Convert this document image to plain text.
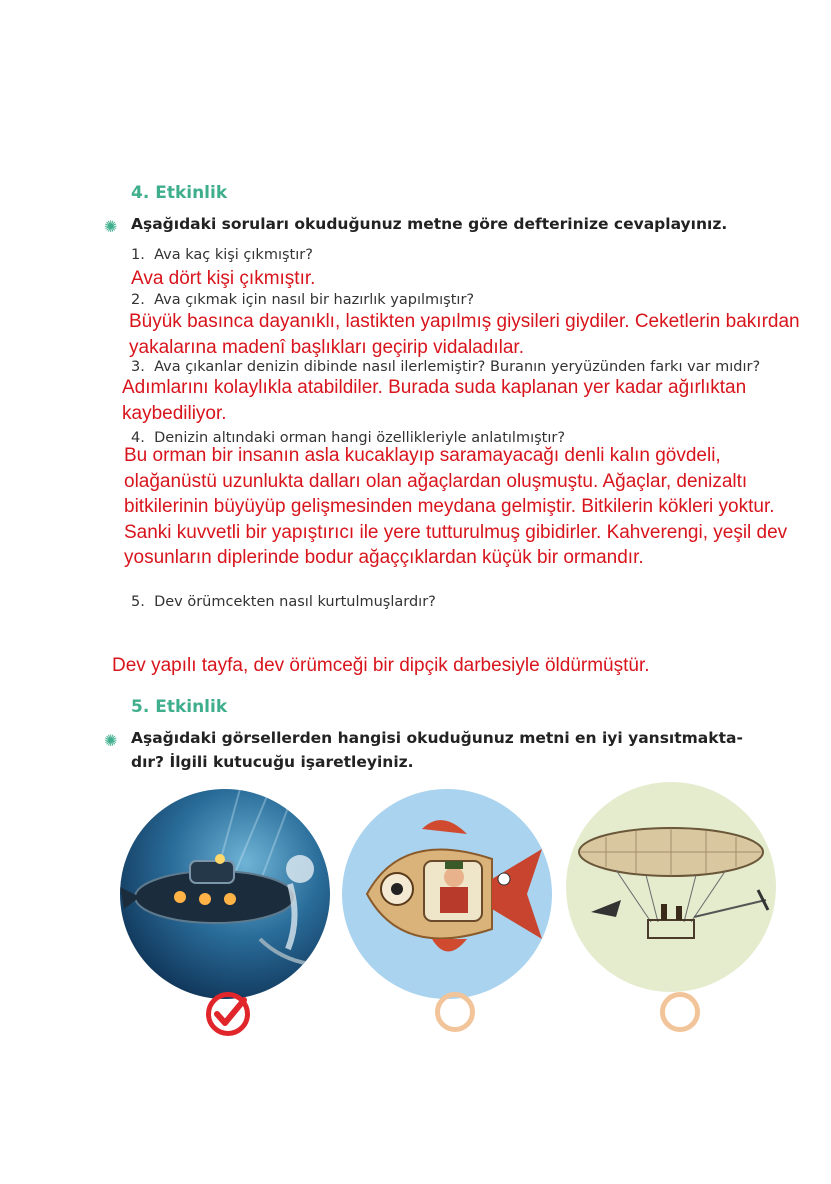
4. Etkinlik
✺ Aşağıdaki soruları okuduğunuz metne göre defterinize cevaplayınız.
1. Ava kaç kişi çıkmıştır?
Ava dört kişi çıkmıştır.
2. Ava çıkmak için nasıl bir hazırlık yapılmıştır?
Büyük basınca dayanıklı, lastikten yapılmış giysileri giydiler. Ceketlerin bakırdan
yakalarına madenî başlıkları geçirip vidaladılar.
3. Ava çıkanlar denizin dibinde nasıl ilerlemiştir? Buranın yeryüzünden farkı var mıdır?
Adımlarını kolaylıkla atabildiler. Burada suda kaplanan yer kadar ağırlıktan
kaybediliyor.
4. Denizin altındaki orman hangi özellikleriyle anlatılmıştır?
Bu orman bir insanın asla kucaklayıp saramayacağı denli kalın gövdeli,
olağanüstü uzunlukta dalları olan ağaçlardan oluşmuştu. Ağaçlar, denizaltı
bitkilerinin büyüyüp gelişmesinden meydana gelmiştir. Bitkilerin kökleri yoktur.
Sanki kuvvetli bir yapıştırıcı ile yere tutturulmuş gibidirler. Kahverengi, yeşil dev
yosunların diplerinde bodur ağaççıklardan küçük bir ormandır.
5. Dev örümcekten nasıl kurtulmuşlardır?
Dev yapılı tayfa, dev örümceği bir dipçik darbesiyle öldürmüştür.
5. Etkinlik
✺ Aşağıdaki görsellerden hangisi okuduğunuz metni en iyi yansıtmakta-
dır? İlgili kutucuğu işaretleyiniz.
